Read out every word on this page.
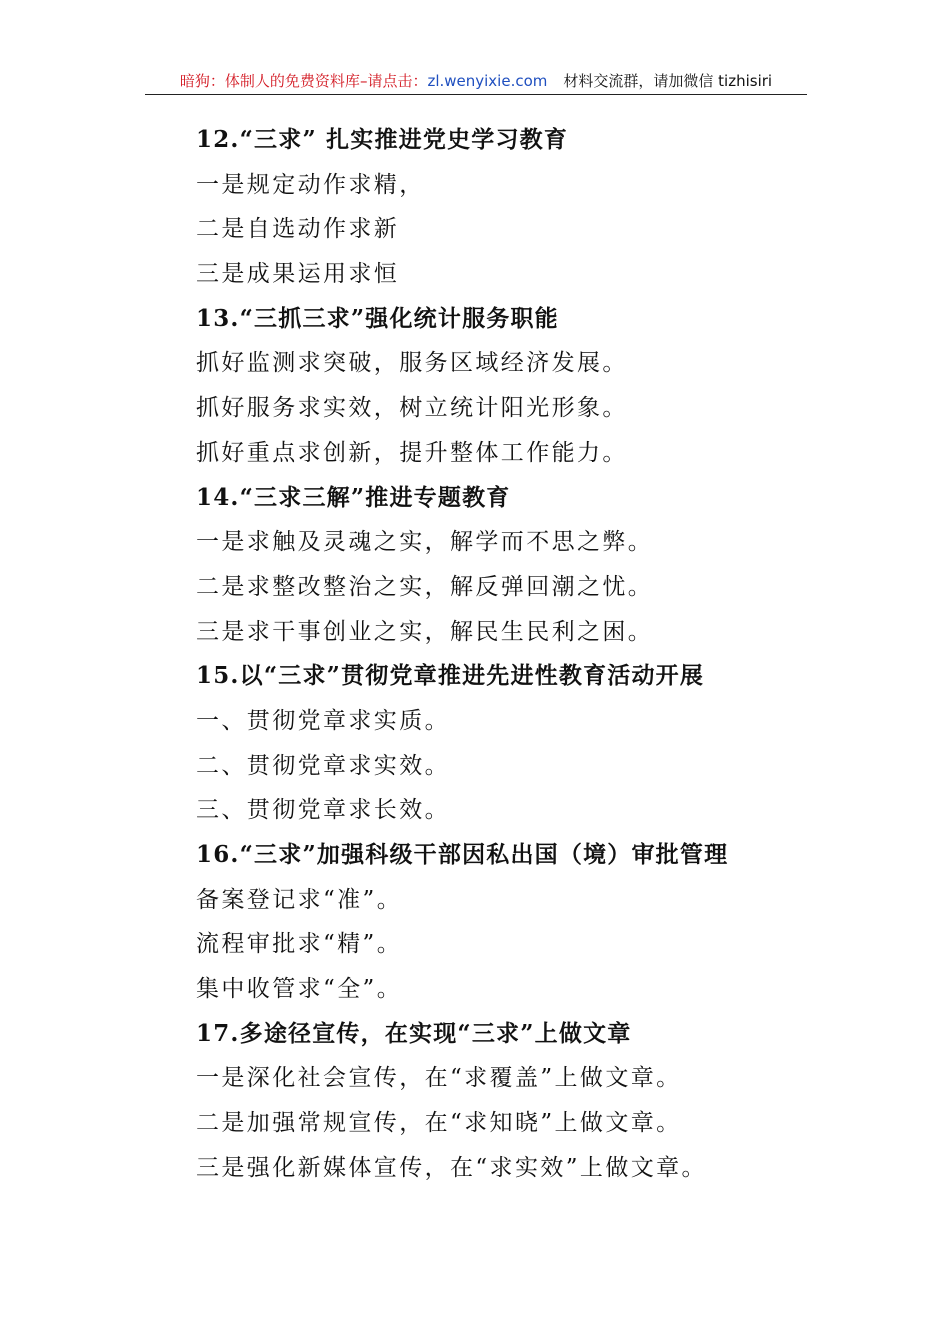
暗狗：体制人的免费资料库–请点击：zl.wenyixie.com 材料交流群，请加微信 tizhisiri
12.“三求” 扎实推进党史学习教育
一是规定动作求精，
二是自选动作求新
三是成果运用求恒
13.“三抓三求”强化统计服务职能
抓好监测求突破，服务区域经济发展。
抓好服务求实效，树立统计阳光形象。
抓好重点求创新，提升整体工作能力。
14.“三求三解”推进专题教育
一是求触及灵魂之实，解学而不思之弊。
二是求整改整治之实，解反弹回潮之忧。
三是求干事创业之实，解民生民利之困。
15.以“三求”贯彻党章推进先进性教育活动开展
一、贯彻党章求实质。
二、贯彻党章求实效。
三、贯彻党章求长效。
16.“三求”加强科级干部因私出国（境）审批管理
备案登记求“准”。
流程审批求“精”。
集中收管求“全”。
17.多途径宣传，在实现“三求”上做文章
一是深化社会宣传，在“求覆盖”上做文章。
二是加强常规宣传，在“求知晓”上做文章。
三是强化新媒体宣传，在“求实效”上做文章。
